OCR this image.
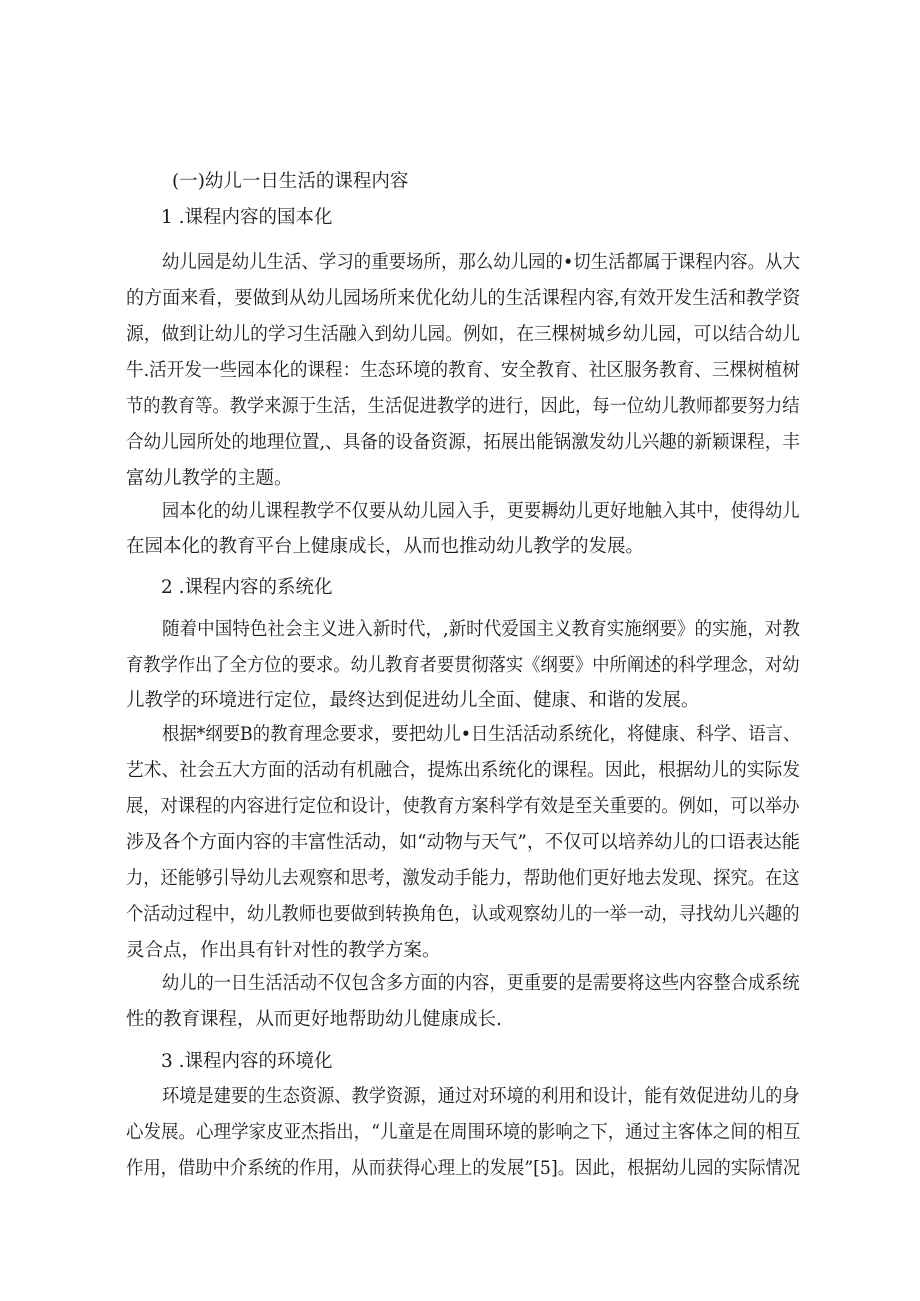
(一)幼儿一日生活的课程内容
1 .课程内容的国本化
幼儿园是幼儿生活、学习的重要场所，那么幼儿园的•切生活都属于课程内容。从大
的方面来看，要做到从幼儿园场所来优化幼儿的生活课程内容,有效开发生活和教学资
源，做到让幼儿的学习生活融入到幼儿园。例如，在三棵树城乡幼儿园，可以结合幼儿
牛.活开发一些园本化的课程：生态环境的教育、安全教育、社区服务教育、三棵树植树
节的教育等。教学来源于生活，生活促进教学的进行，因此，每一位幼儿教师都要努力结
合幼儿园所处的地理位置,、具备的设备资源，拓展出能锅激发幼儿兴趣的新颖课程，丰
富幼儿教学的主题。
园本化的幼儿课程教学不仅要从幼儿园入手，更要耨幼儿更好地触入其中，使得幼儿
在园本化的教育平台上健康成长，从而也推动幼儿教学的发展。
2 .课程内容的系统化
随着中国特色社会主义进入新时代，,新时代爱国主义教育实施纲要》的实施，对教
育教学作出了全方位的要求。幼儿教育者要贯彻落实《纲要》中所阐述的科学理念，对幼
儿教学的环境进行定位，最终达到促进幼儿全面、健康、和谐的发展。
根据*纲要B的教育理念要求，要把幼儿•日生活活动系统化，将健康、科学、语言、
艺术、社会五大方面的活动有机融合，提炼出系统化的课程。因此，根据幼儿的实际发
展，对课程的内容进行定位和设计，使教育方案科学有效是至关重要的。例如，可以举办
涉及各个方面内容的丰富性活动，如“动物与天气”，不仅可以培养幼儿的口语表达能
力，还能够引导幼儿去观察和思考，激发动手能力，帮助他们更好地去发现、探究。在这
个活动过程中，幼儿教师也要做到转换角色，认或观察幼儿的一举一动，寻找幼儿兴趣的
灵合点，作出具有针对性的教学方案。
幼儿的一日生活活动不仅包含多方面的内容，更重要的是需要将这些内容整合成系统
性的教育课程，从而更好地帮助幼儿健康成长.
3 .课程内容的环境化
环境是建要的生态资源、教学资源，通过对环境的利用和设计，能有效促进幼儿的身
心发展。心理学家皮亚杰指出，“儿童是在周围环境的影响之下，通过主客体之间的相互
作用，借助中介系统的作用，从而获得心理上的发展”[5]。因此，根据幼儿园的实际情况
